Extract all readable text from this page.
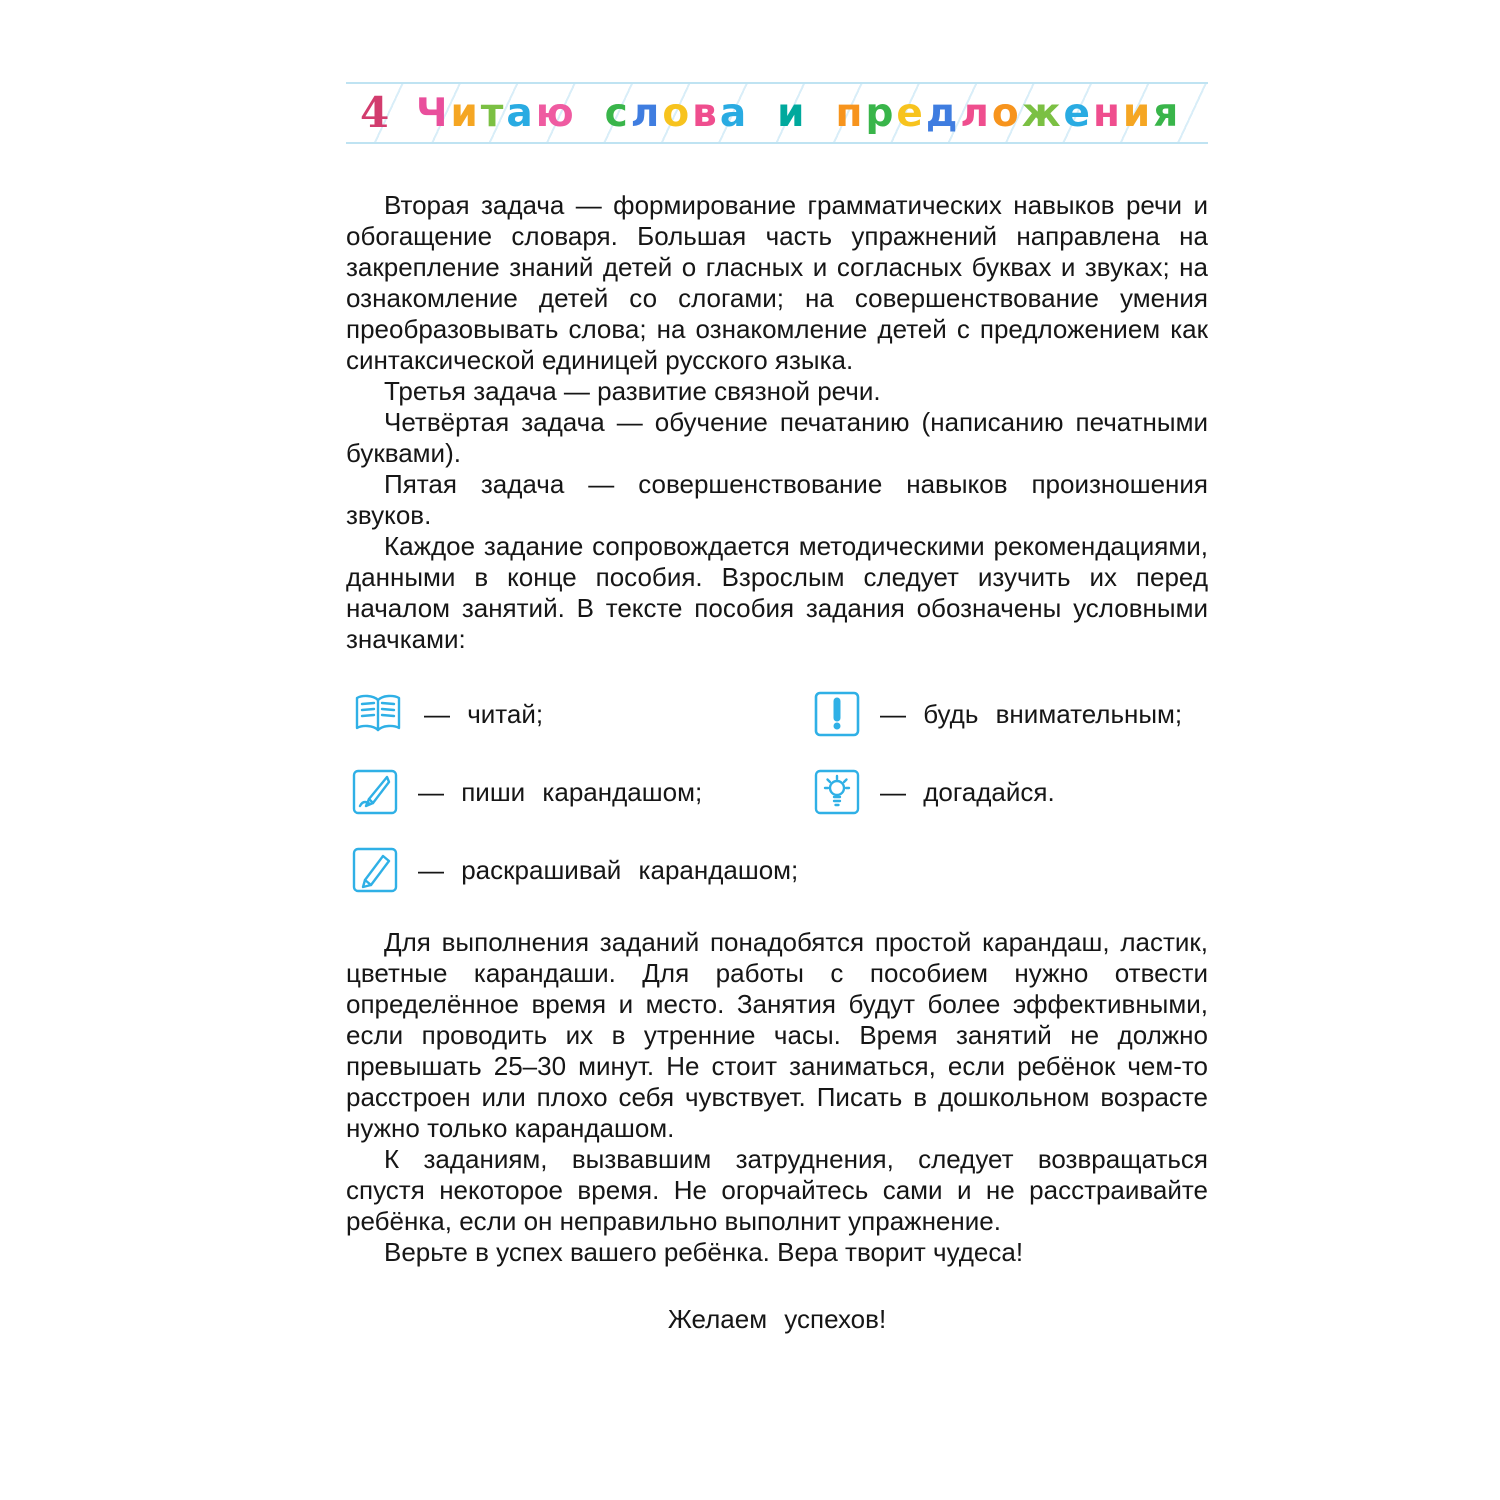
4 Читаю слова и предложения

Вторая задача — формирование грамматических навыков речи и обогащение словаря. Большая часть упражнений направлена на закрепление знаний детей о гласных и согласных буквах и звуках; на ознакомление детей со слогами; на совершенствование умения преобразовывать слова; на ознакомление детей с предложением как синтаксической единицей русского языка.

Третья задача — развитие связной речи.

Четвёртая задача — обучение печатанию (написанию печатными буквами).

Пятая задача — совершенствование навыков произношения звуков.

Каждое задание сопровождается методическими рекомендациями, данными в конце пособия. Взрослым следует изучить их перед началом занятий. В тексте пособия задания обозначены условными значками:

— читай;	— будь внимательным;
— пиши карандашом;	— догадайся.
— раскрашивай карандашом;

Для выполнения заданий понадобятся простой карандаш, ластик, цветные карандаши. Для работы с пособием нужно отвести определённое время и место. Занятия будут более эффективными, если проводить их в утренние часы. Время занятий не должно превышать 25–30 минут. Не стоит заниматься, если ребёнок чем-то расстроен или плохо себя чувствует. Писать в дошкольном возрасте нужно только карандашом.

К заданиям, вызвавшим затруднения, следует возвращаться спустя некоторое время. Не огорчайтесь сами и не расстраивайте ребёнка, если он неправильно выполнит упражнение.

Верьте в успех вашего ребёнка. Вера творит чудеса!

Желаем успехов!
